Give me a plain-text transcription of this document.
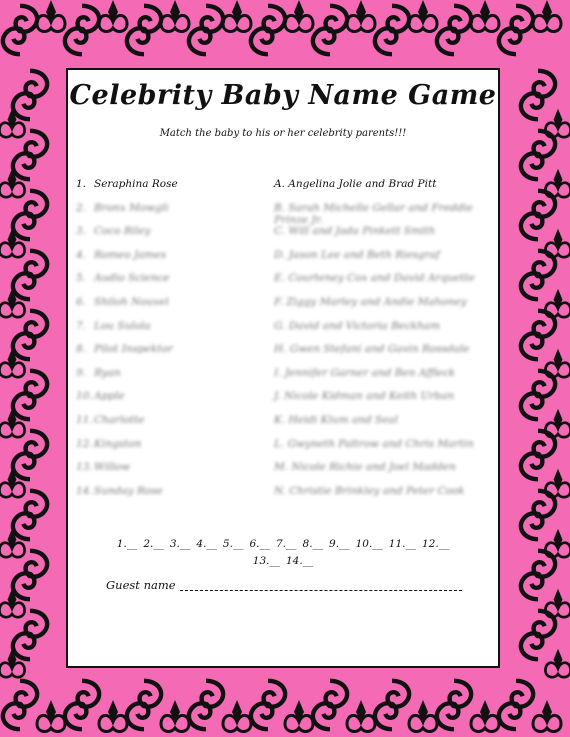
Celebrity Baby Name Game
Match the baby to his or her celebrity parents!!!
1. Seraphina Rose	A. Angelina Jolie and Brad Pitt
2. Bronx Mowgli	B. Sarah Michelle Gellar and Freddie Prinze Jr.
3. Coco Riley	C. Will and Jada Pinkett Smith
4. Romeo James	D. Jason Lee and Beth Riesgraf
5. Audio Science	E. Courteney Cox and David Arquette
6. Shiloh Nouvel	F. Ziggy Marley and Andie Mahoney
7. Lou Sulola	G. David and Victoria Beckham
8. Pilot Inspektor	H. Gwen Stefani and Gavin Rossdale
9. Ryan	I. Jennifer Garner and Ben Affleck
10. Apple	J. Nicole Kidman and Keith Urban
11. Charlotte	K. Heidi Klum and Seal
12. Kingston	L. Gwyneth Paltrow and Chris Martin
13. Willow	M. Nicole Richie and Joel Madden
14. Sunday Rose	N. Christie Brinkley and Peter Cook
1.__ 2.__ 3.__ 4.__ 5.__ 6.__ 7.__ 8.__ 9.__ 10.__ 11.__ 12.__
13.__ 14.__
Guest name
